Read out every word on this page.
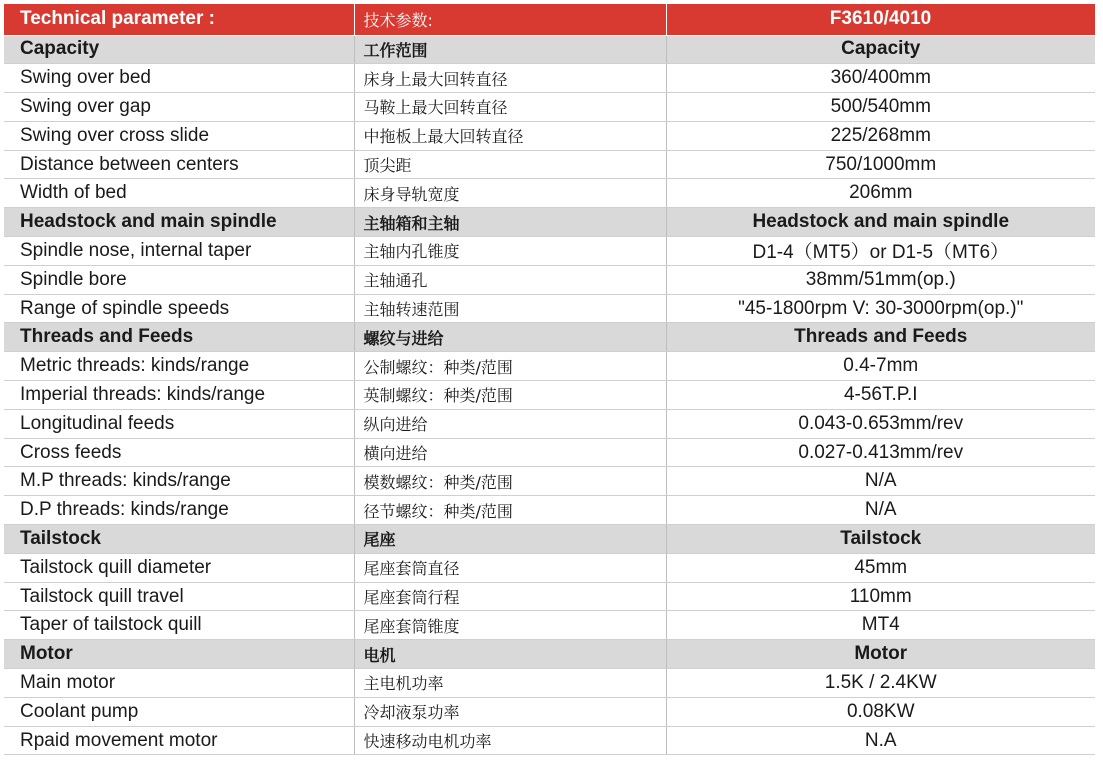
Technical parameter :	技术参数:	F3610/4010
Capacity	工作范围	Capacity
Swing over bed	床身上最大回转直径	360/400mm
Swing over gap	马鞍上最大回转直径	500/540mm
Swing over cross slide	中拖板上最大回转直径	225/268mm
Distance between centers	顶尖距	750/1000mm
Width of bed	床身导轨宽度	206mm
Headstock and main spindle	主轴箱和主轴	Headstock and main spindle
Spindle nose, internal taper	主轴内孔锥度	D1-4（MT5）or D1-5（MT6）
Spindle bore	主轴通孔	38mm/51mm(op.)
Range of spindle speeds	主轴转速范围	"45-1800rpm V: 30-3000rpm(op.)"
Threads and Feeds	螺纹与进给	Threads and Feeds
Metric threads: kinds/range	公制螺纹：种类/范围	0.4-7mm
Imperial threads: kinds/range	英制螺纹：种类/范围	4-56T.P.I
Longitudinal feeds	纵向进给	0.043-0.653mm/rev
Cross feeds	横向进给	0.027-0.413mm/rev
M.P threads: kinds/range	模数螺纹：种类/范围	N/A
D.P threads: kinds/range	径节螺纹：种类/范围	N/A
Tailstock	尾座	Tailstock
Tailstock quill diameter	尾座套筒直径	45mm
Tailstock quill travel	尾座套筒行程	110mm
Taper of tailstock quill	尾座套筒锥度	MT4
Motor	电机	Motor
Main motor	主电机功率	1.5K / 2.4KW
Coolant pump	冷却液泵功率	0.08KW
Rpaid movement motor	快速移动电机功率	N.A
